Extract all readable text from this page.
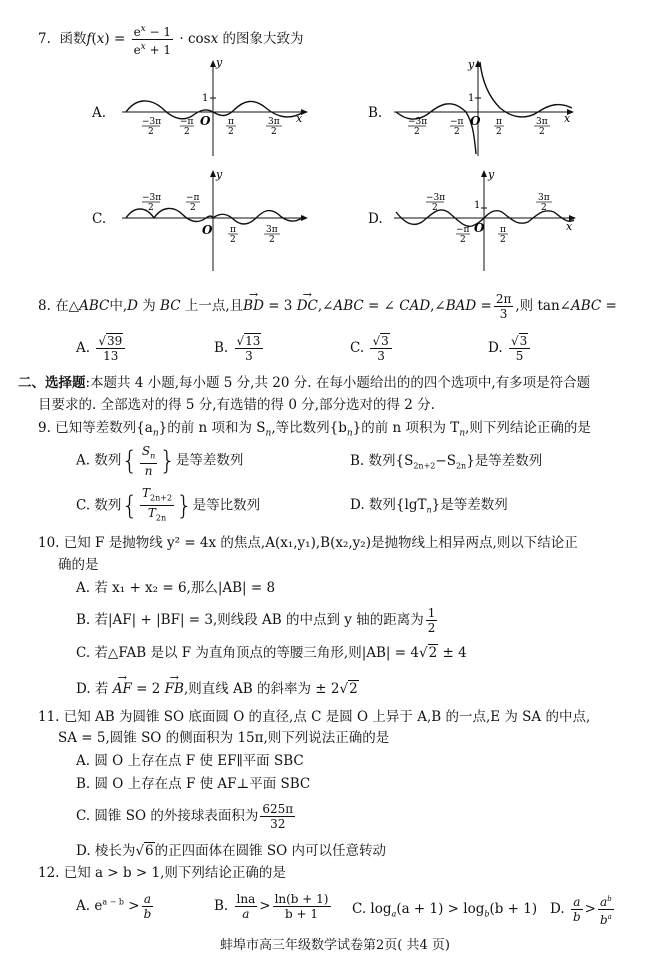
7. 函数$f(x) = \frac{e^x - 1}{e^x + 1} \cdot \cos x$ 的图象大致为
A.	B.
C.	D.
y
1
O	x
−3π
2
−π
2
π
2
3π
2
y
1
O	x
−3π
2
−π
2
π
2
3π
2
y
O
−3π
2
−π
2
π
2
3π
2
y
1
O	x
−3π
2
−π
2
π
2
3π
2
8. 在△ABC中,D 为 BC 上一点,且→ BD = 3 → DC,∠ABC = ∠ CAD,∠BAD = $\frac{2\pi}{3}$ ,则 tan∠ABC =
A. $\frac{√39}{13}$	B. $\frac{√13}{3}$	C. $\frac{√3}{3}$	D. $\frac{√3}{5}$
二、选择题:本题共 4 小题,每小题 5 分,共 20 分. 在每小题给出的的四个选项中,有多项是符合题
目要求的. 全部选对的得 5 分,有选错的得 0 分,部分选对的得 2 分.
9. 已知等差数列$\{a_n\}$的前 n 项和为 $S_n$,等比数列$\{b_n\}$的前 n 项积为 $T_n$,则下列结论正确的是
A. 数列{ $\frac{S_n}{n}$ }是等差数列	B. 数列$\{S_{2n+2}-S_{2n}\}$是等差数列
C. 数列{ $\frac{T_{2n+2}}{T_{2n}}$ }是等比数列	D. 数列{lgT$_n$}是等差数列
10. 已知 F 是抛物线 y² = 4x 的焦点,A(x₁,y₁),B(x₂,y₂)是抛物线上相异两点,则以下结论正
确的是
A. 若 x₁ + x₂ = 6,那么|AB| = 8
B. 若|AF| + |BF| = 3,则线段 AB 的中点到 y 轴的距离为 $\frac{1}{2}$
C. 若△FAB 是以 F 为直角顶点的等腰三角形,则|AB| = 4√2 ± 4
D. 若 → AF = 2 → FB,则直线 AB 的斜率为 ± 2√2
11. 已知 AB 为圆锥 SO 底面圆 O 的直径,点 C 是圆 O 上异于 A,B 的一点,E 为 SA 的中点,
SA = 5,圆锥 SO 的侧面积为 15π,则下列说法正确的是
A. 圆 O 上存在点 F 使 EF∥平面 SBC
B. 圆 O 上存在点 F 使 AF⊥平面 SBC
C. 圆锥 SO 的外接球表面积为 $\frac{625\pi}{32}$
D. 棱长为√6的正四面体在圆锥 SO 内可以任意转动
12. 已知 a > b > 1,则下列结论正确的是
A. $e^{a - b} > \frac{a}{b}$	B. $\frac{\ln a}{a} > \frac{\ln(b + 1)}{b + 1} C$. $\log_a(a + 1) > \log_b(b + 1)$ D. $\frac{a}{b} > \frac{a^b}{b^a}$
蚌埠市高三年级数学试卷第2页( 共4 页)
